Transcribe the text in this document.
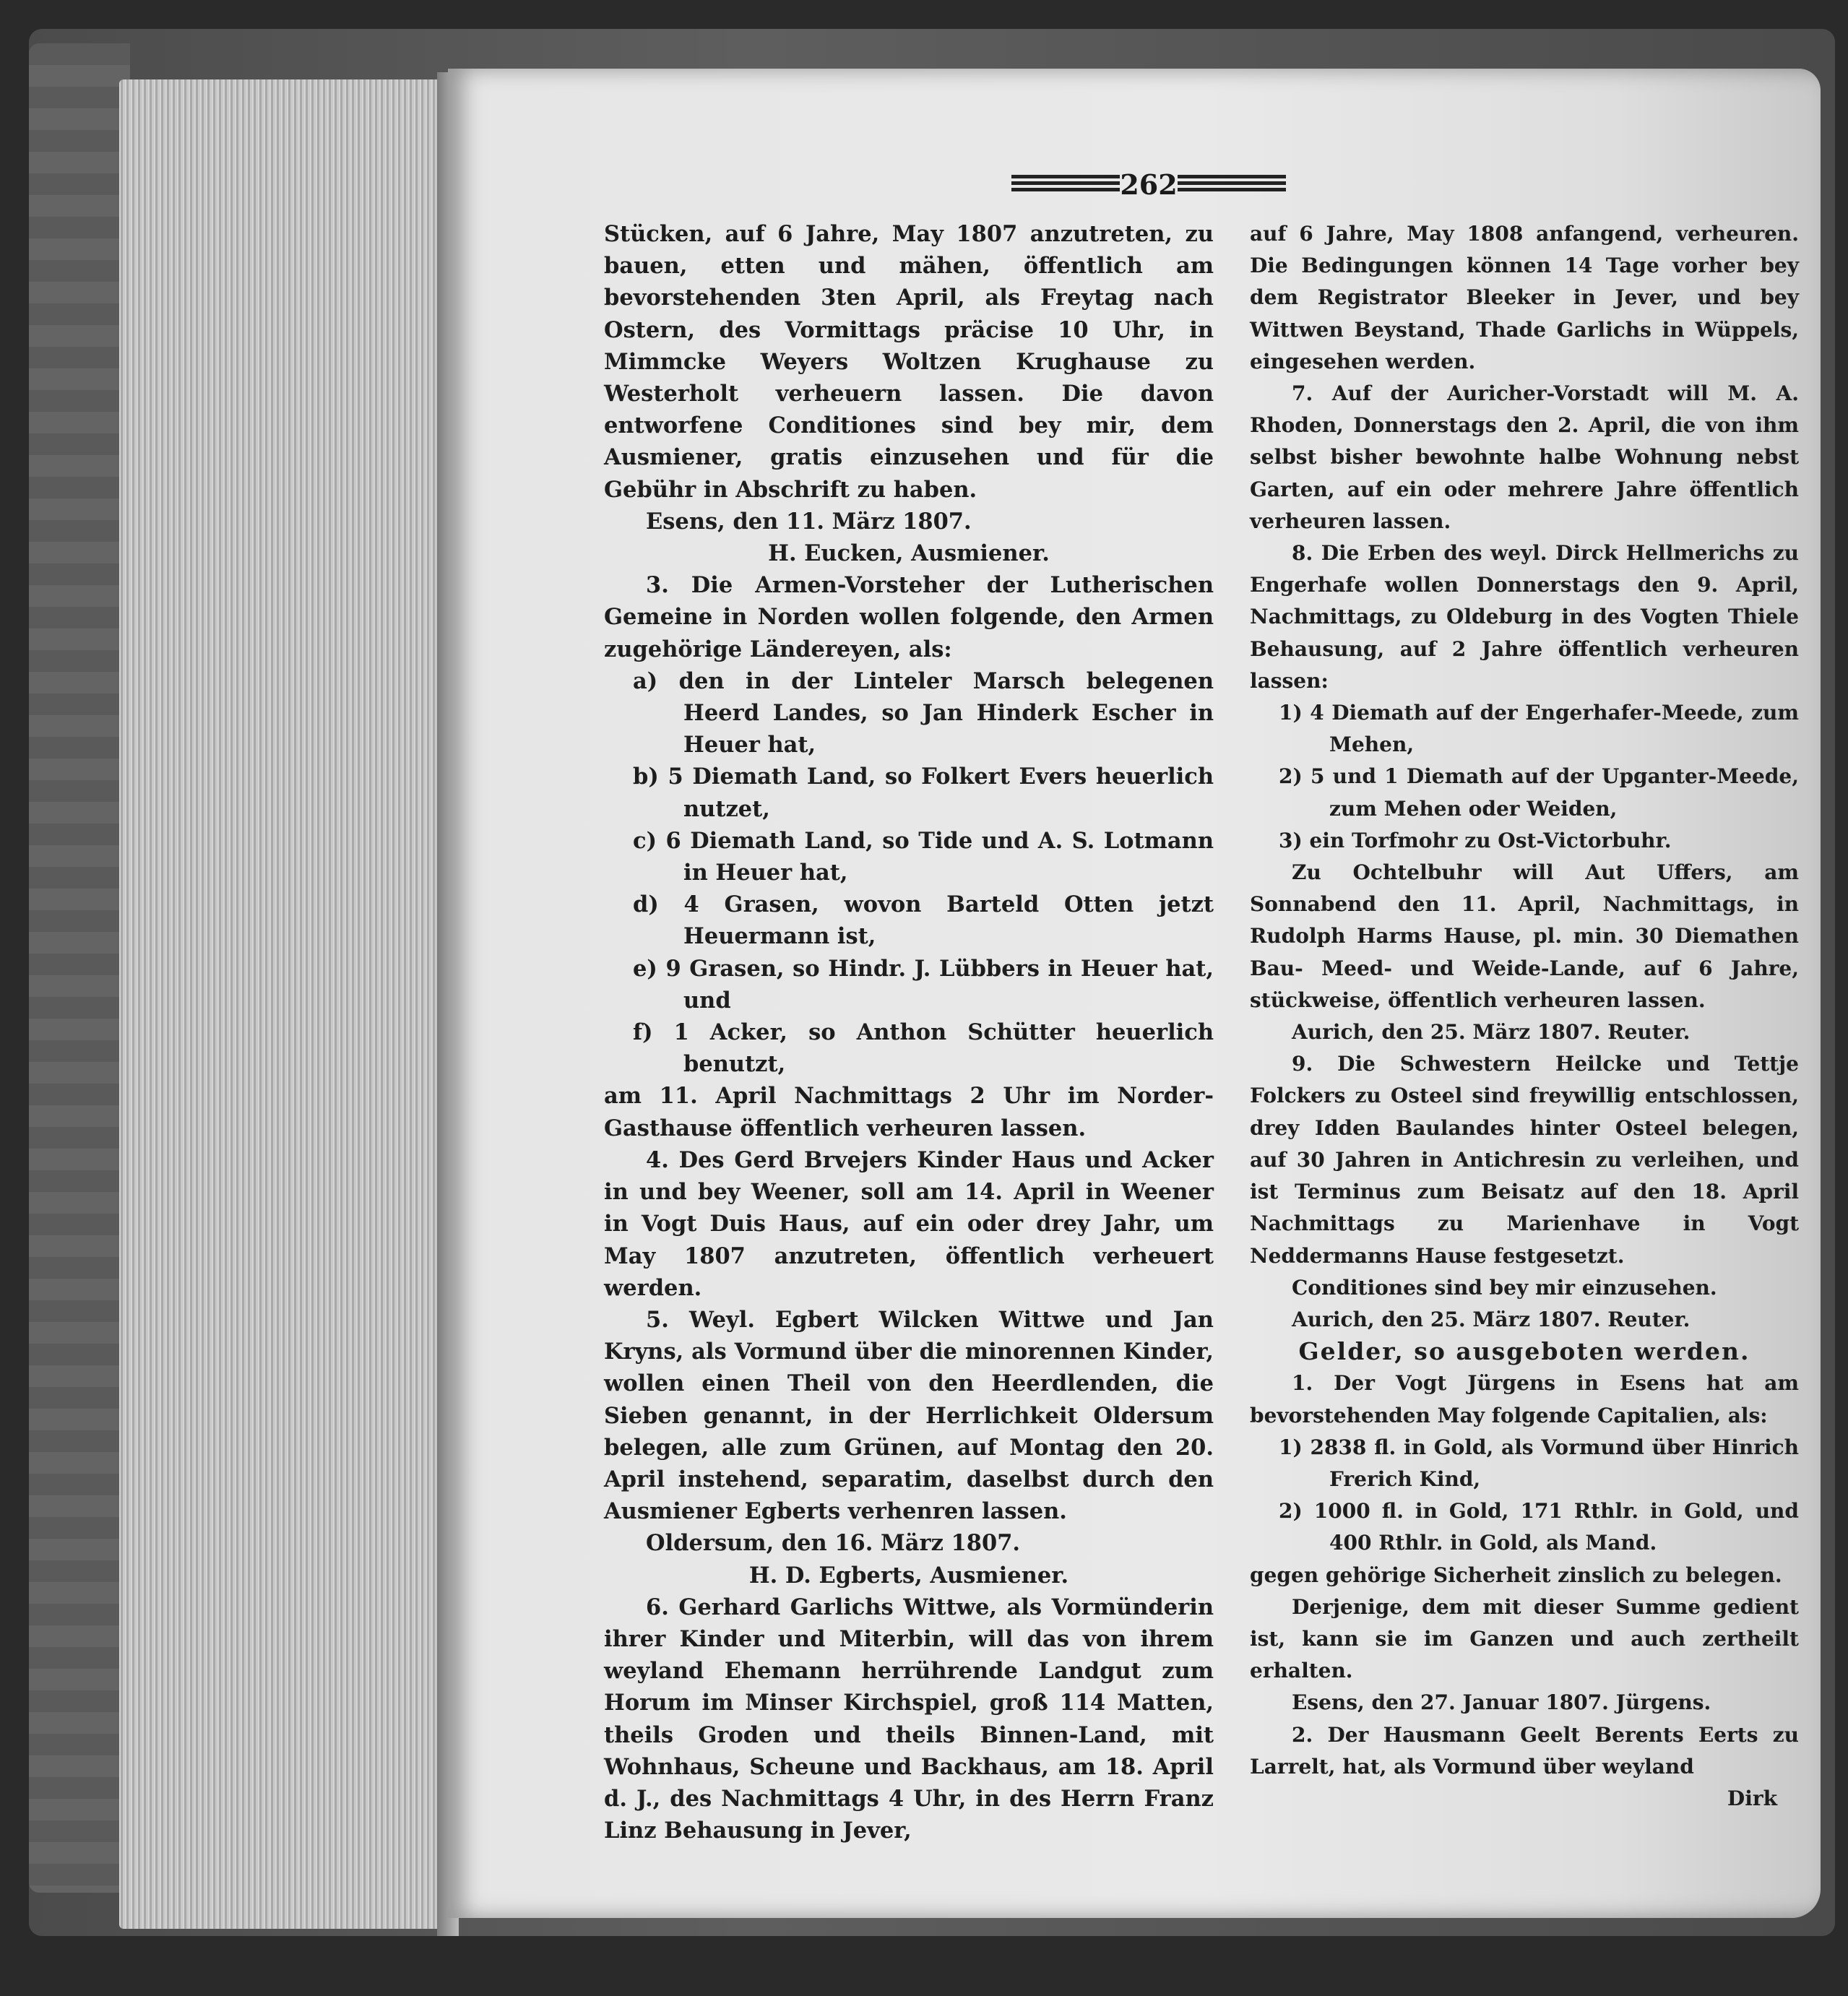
262

Stücken, auf 6 Jahre, May 1807 anzutreten, zu bauen, etten und mähen, öffentlich am bevorstehenden 3ten April, als Freytag nach Ostern, des Vormittags präcise 10 Uhr, in Mimmcke Weyers Woltzen Krughause zu Westerholt verheuern lassen. Die davon entworfene Conditiones sind bey mir, dem Ausmiener, gratis einzusehen und für die Gebühr in Abschrift zu haben.

Esens, den 11. März 1807.

H. Eucken, Ausmiener.

3. Die Armen-Vorsteher der Lutherischen Gemeine in Norden wollen folgende, den Armen zugehörige Ländereyen, als:

a) den in der Linteler Marsch belegenen Heerd Landes, so Jan Hinderk Escher in Heuer hat,

b) 5 Diemath Land, so Folkert Evers heuerlich nutzet,

c) 6 Diemath Land, so Tide und A. S. Lotmann in Heuer hat,

d) 4 Grasen, wovon Barteld Otten jetzt Heuermann ist,

e) 9 Grasen, so Hindr. J. Lübbers in Heuer hat, und

f) 1 Acker, so Anthon Schütter heuerlich benutzt,

am 11. April Nachmittags 2 Uhr im Norder-Gasthause öffentlich verheuren lassen.

4. Des Gerd Brvejers Kinder Haus und Acker in und bey Weener, soll am 14. April in Weener in Vogt Duis Haus, auf ein oder drey Jahr, um May 1807 anzutreten, öffentlich verheuert werden.

5. Weyl. Egbert Wilcken Wittwe und Jan Kryns, als Vormund über die minorennen Kinder, wollen einen Theil von den Heerdlenden, die Sieben genannt, in der Herrlichkeit Oldersum belegen, alle zum Grünen, auf Montag den 20. April instehend, separatim, daselbst durch den Ausmiener Egberts verhenren lassen.

Oldersum, den 16. März 1807.

H. D. Egberts, Ausmiener.

6. Gerhard Garlichs Wittwe, als Vormünderin ihrer Kinder und Miterbin, will das von ihrem weyland Ehemann herrührende Landgut zum Horum im Minser Kirchspiel, groß 114 Matten, theils Groden und theils Binnen-Land, mit Wohnhaus, Scheune und Backhaus, am 18. April d. J., des Nachmittags 4 Uhr, in des Herrn Franz Linz Behausung in Jever,

auf 6 Jahre, May 1808 anfangend, verheuren. Die Bedingungen können 14 Tage vorher bey dem Registrator Bleeker in Jever, und bey Wittwen Beystand, Thade Garlichs in Wüppels, eingesehen werden.

7. Auf der Auricher-Vorstadt will M. A. Rhoden, Donnerstags den 2. April, die von ihm selbst bisher bewohnte halbe Wohnung nebst Garten, auf ein oder mehrere Jahre öffentlich verheuren lassen.

8. Die Erben des weyl. Dirck Hellmerichs zu Engerhafe wollen Donnerstags den 9. April, Nachmittags, zu Oldeburg in des Vogten Thiele Behausung, auf 2 Jahre öffentlich verheuren lassen:

1) 4 Diemath auf der Engerhafer-Meede, zum Mehen,

2) 5 und 1 Diemath auf der Upganter-Meede, zum Mehen oder Weiden,

3) ein Torfmohr zu Ost-Victorbuhr.

Zu Ochtelbuhr will Aut Uffers, am Sonnabend den 11. April, Nachmittags, in Rudolph Harms Hause, pl. min. 30 Diemathen Bau- Meed- und Weide-Lande, auf 6 Jahre, stückweise, öffentlich verheuren lassen.

Aurich, den 25. März 1807. Reuter.

9. Die Schwestern Heilcke und Tettje Folckers zu Osteel sind freywillig entschlossen, drey Idden Baulandes hinter Osteel belegen, auf 30 Jahren in Antichresin zu verleihen, und ist Terminus zum Beisatz auf den 18. April Nachmittags zu Marienhave in Vogt Neddermanns Hause festgesetzt.

Conditiones sind bey mir einzusehen.

Aurich, den 25. März 1807. Reuter.

Gelder, so ausgeboten werden.

1. Der Vogt Jürgens in Esens hat am bevorstehenden May folgende Capitalien, als:

1) 2838 fl. in Gold, als Vormund über Hinrich Frerich Kind,

2) 1000 fl. in Gold, 171 Rthlr. in Gold, und 400 Rthlr. in Gold, als Mand.

gegen gehörige Sicherheit zinslich zu belegen.

Derjenige, dem mit dieser Summe gedient ist, kann sie im Ganzen und auch zertheilt erhalten.

Esens, den 27. Januar 1807. Jürgens.

2. Der Hausmann Geelt Berents Eerts zu Larrelt, hat, als Vormund über weyland

Dirk
